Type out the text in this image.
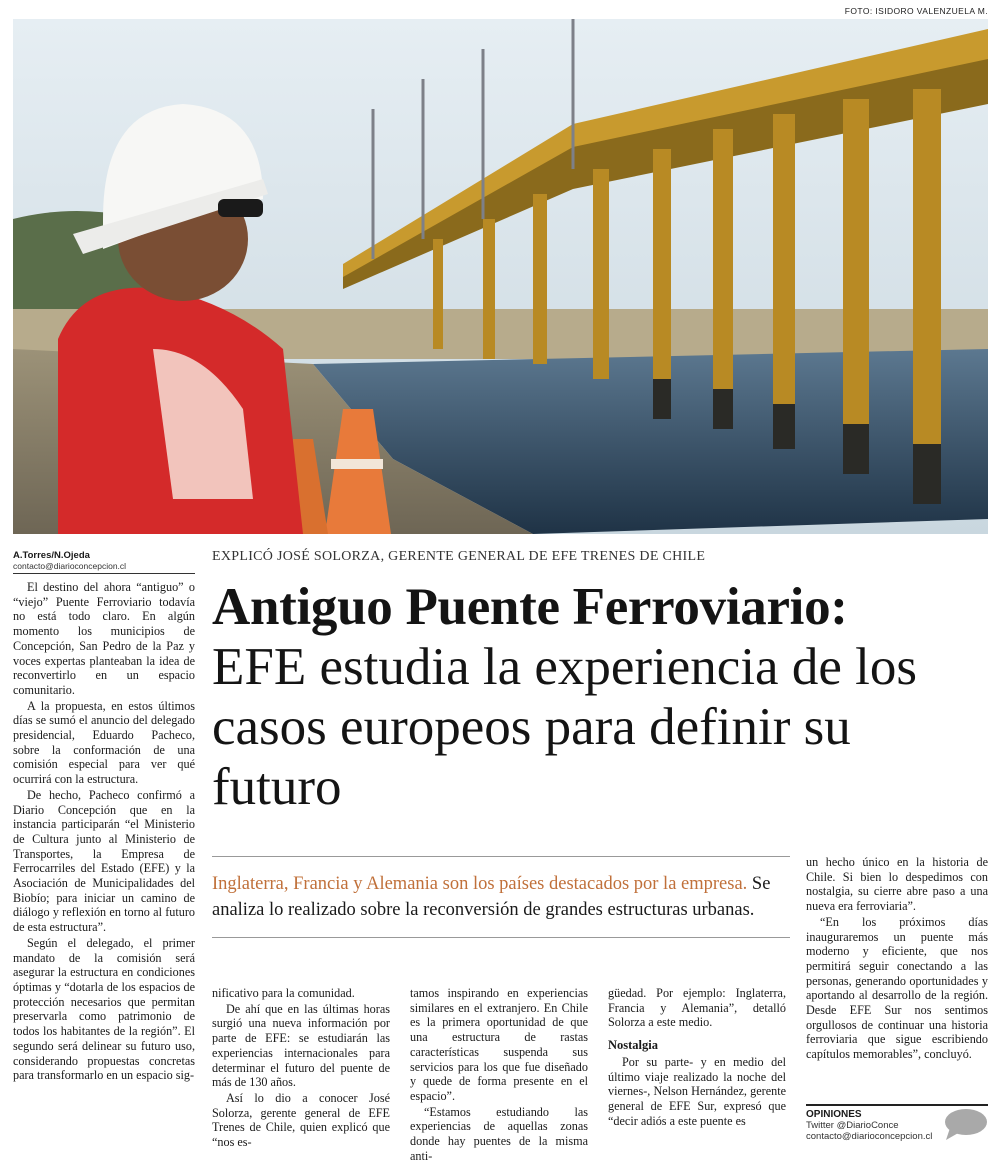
FOTO: ISIDORO VALENZUELA M.
A.Torres/N.Ojeda
contacto@diarioconcepcion.cl

El destino del ahora “antiguo” o “viejo” Puente Ferroviario todavía no está todo claro. En algún momento los municipios de Concepción, San Pedro de la Paz y voces expertas planteaban la idea de reconvertirlo en un espacio comunitario.

A la propuesta, en estos últimos días se sumó el anuncio del delegado presidencial, Eduardo Pacheco, sobre la conformación de una comisión especial para ver qué ocurrirá con la estructura.

De hecho, Pacheco confirmó a Diario Concepción que en la instancia participarán “el Ministerio de Cultura junto al Ministerio de Transportes, la Empresa de Ferrocarriles del Estado (EFE) y la Asociación de Municipalidades del Biobío; para iniciar un camino de diálogo y reflexión en torno al futuro de esta estructura”.

Según el delegado, el primer mandato de la comisión será asegurar la estructura en condiciones óptimas y “dotarla de los espacios de protección necesarios que permitan preservarla como patrimonio de todos los habitantes de la región”. El segundo será delinear su futuro uso, considerando propuestas concretas para transformarlo en un espacio sig-

EXPLICÓ JOSÉ SOLORZA, GERENTE GENERAL DE EFE TRENES DE CHILE
Antiguo Puente Ferroviario:
EFE estudia la experiencia de los casos europeos para definir su futuro
Inglaterra, Francia y Alemania son los países destacados por la empresa. Se analiza lo realizado sobre la reconversión de grandes estructuras urbanas.

nificativo para la comunidad.

De ahí que en las últimas horas surgió una nueva información por parte de EFE: se estudiarán las experiencias internacionales para determinar el futuro del puente de más de 130 años.

Así lo dio a conocer José Solorza, gerente general de EFE Trenes de Chile, quien explicó que “nos es-

tamos inspirando en experiencias similares en el extranjero. En Chile es la primera oportunidad de que una estructura de rastas características suspenda sus servicios para los que fue diseñado y quede de forma presente en el espacio”.

“Estamos estudiando las experiencias de aquellas zonas donde hay puentes de la misma anti-

güedad. Por ejemplo: Inglaterra, Francia y Alemania”, detalló Solorza a este medio.

Nostalgia

Por su parte- y en medio del último viaje realizado la noche del viernes-, Nelson Hernández, gerente general de EFE Sur, expresó que “decir adiós a este puente es

un hecho único en la historia de Chile. Si bien lo despedimos con nostalgia, su cierre abre paso a una nueva era ferroviaria”.

“En los próximos días inauguraremos un puente más moderno y eficiente, que nos permitirá seguir conectando a las personas, generando oportunidades y aportando al desarrollo de la región. Desde EFE Sur nos sentimos orgullosos de continuar una historia ferroviaria que sigue escribiendo capítulos memorables”, concluyó.

OPINIONES
Twitter @DiarioConce
contacto@diarioconcepcion.cl
